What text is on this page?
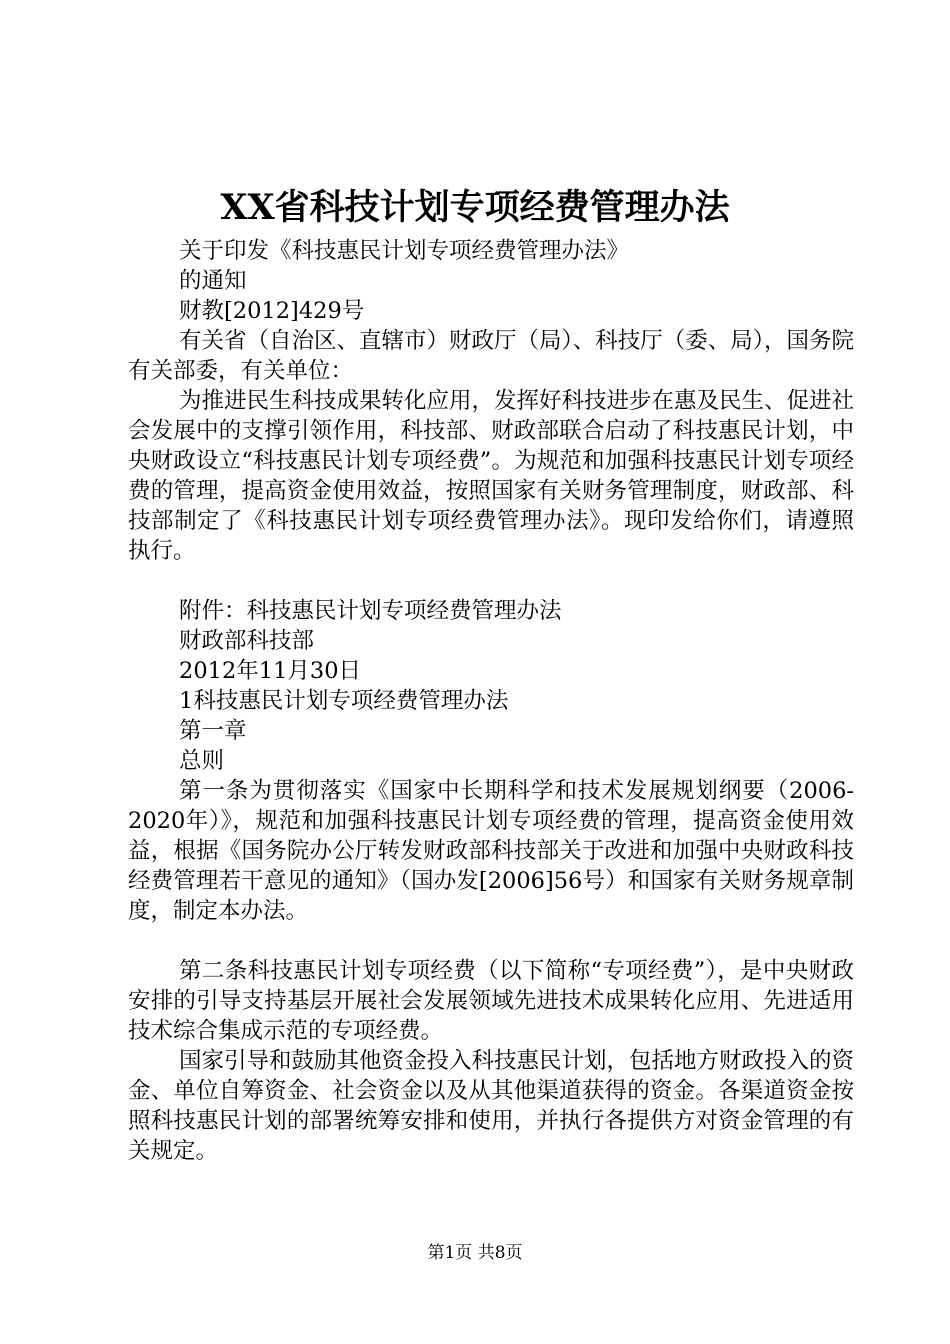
XX省科技计划专项经费管理办法

关于印发《科技惠民计划专项经费管理办法》

的通知

财教[2012]429号

有关省（自治区、直辖市）财政厅（局）、科技厅（委、局），国务院有关部委，有关单位：

为推进民生科技成果转化应用，发挥好科技进步在惠及民生、促进社会发展中的支撑引领作用，科技部、财政部联合启动了科技惠民计划，中央财政设立“科技惠民计划专项经费”。为规范和加强科技惠民计划专项经费的管理，提高资金使用效益，按照国家有关财务管理制度，财政部、科技部制定了《科技惠民计划专项经费管理办法》。现印发给你们，请遵照执行。

附件：科技惠民计划专项经费管理办法

财政部科技部

2012年11月30日

1科技惠民计划专项经费管理办法

第一章

总则

第一条为贯彻落实《国家中长期科学和技术发展规划纲要（2006-2020年）》，规范和加强科技惠民计划专项经费的管理，提高资金使用效益，根据《国务院办公厅转发财政部科技部关于改进和加强中央财政科技经费管理若干意见的通知》（国办发[2006]56号）和国家有关财务规章制度，制定本办法。

第二条科技惠民计划专项经费（以下简称“专项经费”），是中央财政安排的引导支持基层开展社会发展领域先进技术成果转化应用、先进适用技术综合集成示范的专项经费。

国家引导和鼓励其他资金投入科技惠民计划，包括地方财政投入的资金、单位自筹资金、社会资金以及从其他渠道获得的资金。各渠道资金按照科技惠民计划的部署统筹安排和使用，并执行各提供方对资金管理的有关规定。

第1页 共8页
